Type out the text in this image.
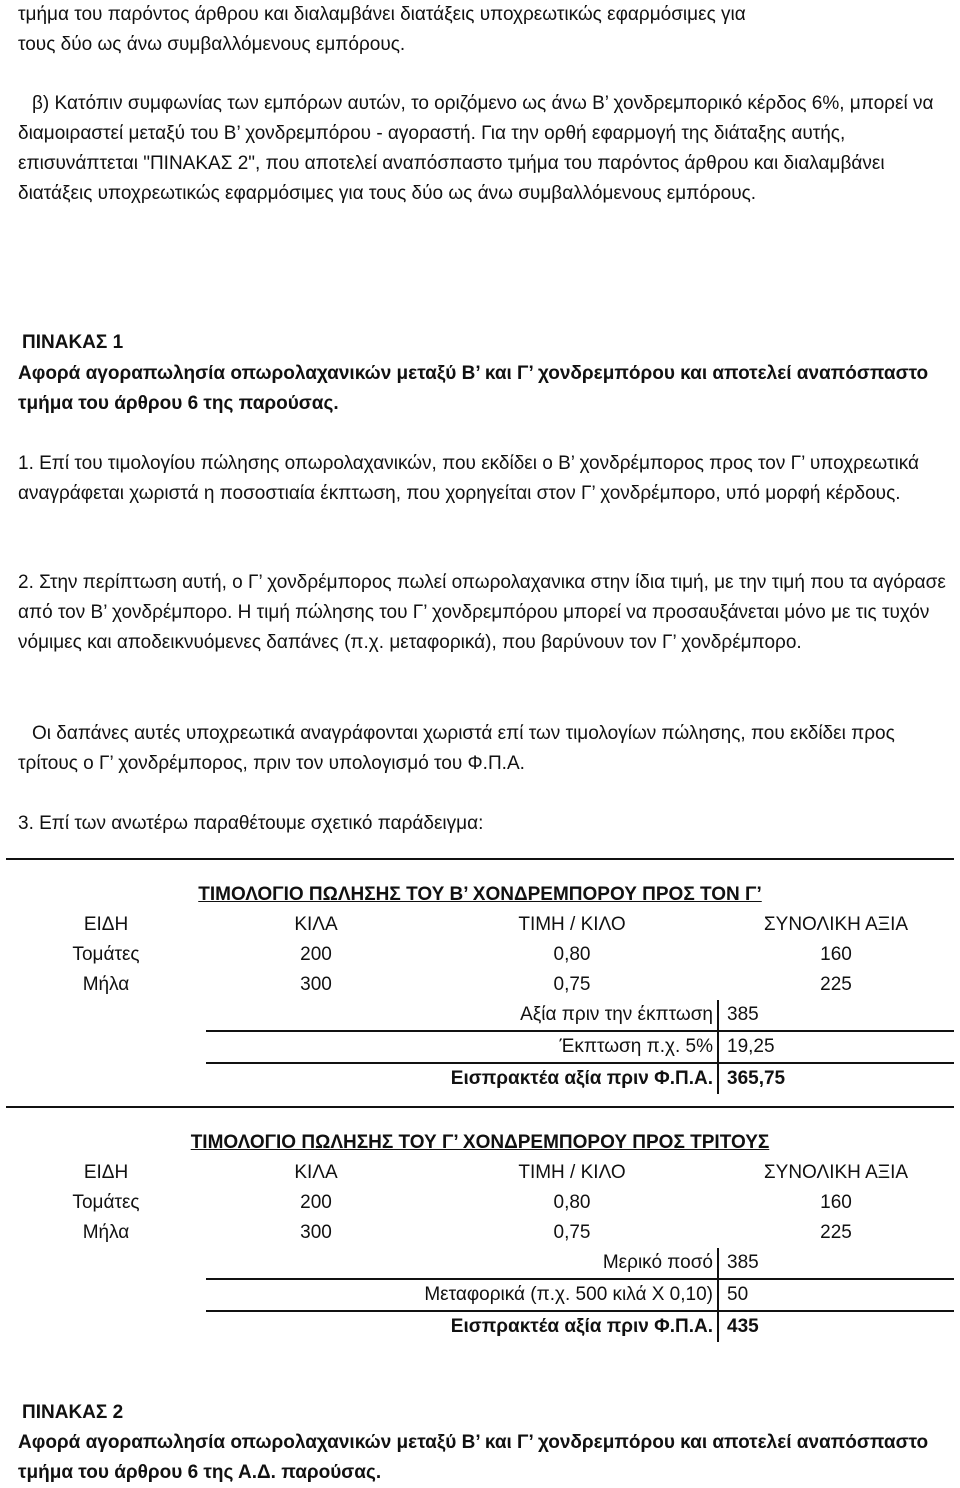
τμήμα του παρόντος άρθρου και διαλαμβάνει διατάξεις υποχρεωτικώς εφαρμόσιμες για

τους δύο ως άνω συμβαλλόμενους εμπόρους.

β) Κατόπιν συμφωνίας των εμπόρων αυτών, το οριζόμενο ως άνω Β’ χονδρεμπορικό κέρδος 6%, μπορεί να διαμοιραστεί μεταξύ του Β’ χονδρεμπόρου - αγοραστή. Για την ορθή εφαρμογή της διάταξης αυτής, επισυνάπτεται "ΠΙΝΑΚΑΣ 2", που αποτελεί αναπόσπαστο τμήμα του παρόντος άρθρου και διαλαμβάνει διατάξεις υποχρεωτικώς εφαρμόσιμες για τους δύο ως άνω συμβαλλόμενους εμπόρους.

ΠΙΝΑΚΑΣ 1

Αφορά αγοραπωλησία οπωρολαχανικών μεταξύ Β’ και Γ’ χονδρεμπόρου και αποτελεί αναπόσπαστο τμήμα του άρθρου 6 της παρούσας.

1. Επί του τιμολογίου πώλησης οπωρολαχανικών, που εκδίδει ο Β’ χονδρέμπορος προς τον Γ’ υποχρεωτικά αναγράφεται χωριστά η ποσοστιαία έκπτωση, που χορηγείται στον Γ’ χονδρέμπορο, υπό μορφή κέρδους.

2. Στην περίπτωση αυτή, ο Γ’ χονδρέμπορος πωλεί οπωρολαχανικα στην ίδια τιμή, με την τιμή που τα αγόρασε από τον Β’ χονδρέμπορο. Η τιμή πώλησης του Γ’ χονδρεμπόρου μπορεί να προσαυξάνεται μόνο με τις τυχόν νόμιμες και αποδεικνυόμενες δαπάνες (π.χ. μεταφορικά), που βαρύνουν τον Γ’ χονδρέμπορο.

Οι δαπάνες αυτές υποχρεωτικά αναγράφονται χωριστά επί των τιμολογίων πώλησης, που εκδίδει προς τρίτους ο Γ’ χονδρέμπορος, πριν τον υπολογισμό του Φ.Π.Α.

3. Επί των ανωτέρω παραθέτουμε σχετικό παράδειγμα:

ΤΙΜΟΛΟΓΙΟ ΠΩΛΗΣΗΣ ΤΟΥ Β’ ΧΟΝΔΡΕΜΠΟΡΟΥ ΠΡΟΣ ΤΟΝ Γ’			
ΕΙΔΗ	ΚΙΛΑ	ΤΙΜΗ / ΚΙΛΟ	ΣΥΝΟΛΙΚΗ ΑΞΙΑ
Τομάτες	200	0,80	160
Μήλα	300	0,75	225
	Αξία πριν την έκπτωση		385
	Έκπτωση π.χ. 5%		19,25
	Εισπρακτέα αξία πριν Φ.Π.Α.		365,75

ΤΙΜΟΛΟΓΙΟ ΠΩΛΗΣΗΣ ΤΟΥ Γ’ ΧΟΝΔΡΕΜΠΟΡΟΥ ΠΡΟΣ ΤΡΙΤΟΥΣ			
ΕΙΔΗ	ΚΙΛΑ	ΤΙΜΗ / ΚΙΛΟ	ΣΥΝΟΛΙΚΗ ΑΞΙΑ
Τομάτες	200	0,80	160
Μήλα	300	0,75	225
	Μερικό ποσό		385
	Μεταφορικά (π.χ. 500 κιλά Χ 0,10)		50
	Εισπρακτέα αξία πριν Φ.Π.Α.		435

ΠΙΝΑΚΑΣ 2

Αφορά αγοραπωλησία οπωρολαχανικών μεταξύ Β’ και Γ’ χονδρεμπόρου και αποτελεί αναπόσπαστο τμήμα του άρθρου 6 της Α.Δ. παρούσας.
